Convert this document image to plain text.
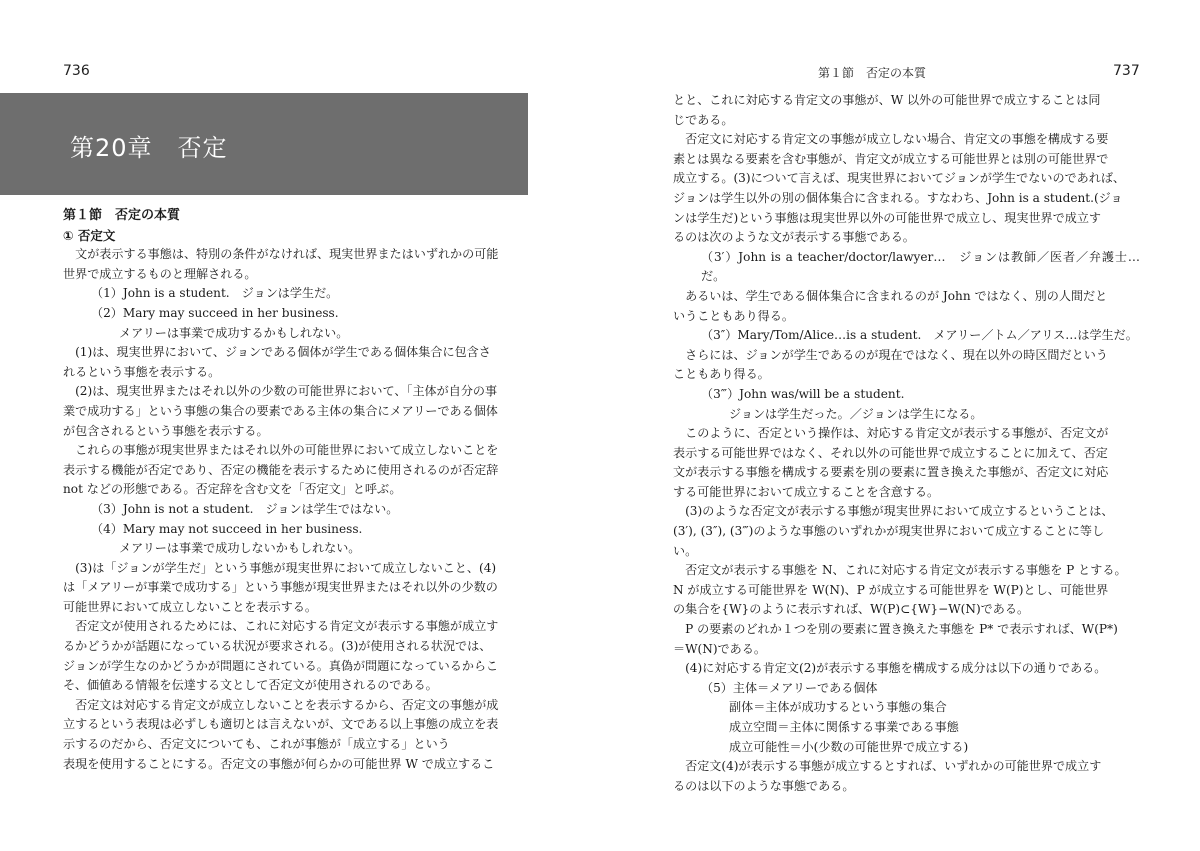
736	第１節　否定の本質	737
第20章　否定

第１節　否定の本質

① 否定文

文が表示する事態は、特別の条件がなければ、現実世界またはいずれかの可能

世界で成立するものと理解される。

（1）John is a student.　ジョンは学生だ。

（2）Mary may succeed in her business.

メアリーは事業で成功するかもしれない。

(1)は、現実世界において、ジョンである個体が学生である個体集合に包含さ

れるという事態を表示する。

(2)は、現実世界またはそれ以外の少数の可能世界において、「主体が自分の事

業で成功する」という事態の集合の要素である主体の集合にメアリーである個体

が包含されるという事態を表示する。

これらの事態が現実世界またはそれ以外の可能世界において成立しないことを

表示する機能が否定であり、否定の機能を表示するために使用されるのが否定辞

not などの形態である。否定辞を含む文を「否定文」と呼ぶ。

（3）John is not a student.　ジョンは学生ではない。

（4）Mary may not succeed in her business.

メアリーは事業で成功しないかもしれない。

(3)は「ジョンが学生だ」という事態が現実世界において成立しないこと、(4)

は「メアリーが事業で成功する」という事態が現実世界またはそれ以外の少数の

可能世界において成立しないことを表示する。

否定文が使用されるためには、これに対応する肯定文が表示する事態が成立す

るかどうかが話題になっている状況が要求される。(3)が使用される状況では、

ジョンが学生なのかどうかが問題にされている。真偽が問題になっているからこ

そ、価値ある情報を伝達する文として否定文が使用されるのである。

否定文は対応する肯定文が成立しないことを表示するから、否定文の事態が成

立するという表現は必ずしも適切とは言えないが、文である以上事態の成立を表

示するのだから、否定文についても、これが事態が「成立する」という

表現を使用することにする。否定文の事態が何らかの可能世界 W で成立するこ

とと、これに対応する肯定文の事態が、W 以外の可能世界で成立することは同

じである。

否定文に対応する肯定文の事態が成立しない場合、肯定文の事態を構成する要

素とは異なる要素を含む事態が、肯定文が成立する可能世界とは別の可能世界で

成立する。(3)について言えば、現実世界においてジョンが学生でないのであれば、

ジョンは学生以外の別の個体集合に含まれる。すなわち、John is a student.(ジョ

ンは学生だ)という事態は現実世界以外の可能世界で成立し、現実世界で成立す

るのは次のような文が表示する事態である。

（3′）John is a teacher/doctor/lawyer…　ジョンは教師／医者／弁護士…だ。

あるいは、学生である個体集合に含まれるのが John ではなく、別の人間だと

いうこともあり得る。

（3″）Mary/Tom/Alice…is a student.　メアリー／トム／アリス…は学生だ。

さらには、ジョンが学生であるのが現在ではなく、現在以外の時区間だという

こともあり得る。

（3‴）John was/will be a student.

ジョンは学生だった。／ジョンは学生になる。

このように、否定という操作は、対応する肯定文が表示する事態が、否定文が

表示する可能世界ではなく、それ以外の可能世界で成立することに加えて、否定

文が表示する事態を構成する要素を別の要素に置き換えた事態が、否定文に対応

する可能世界において成立することを含意する。

(3)のような否定文が表示する事態が現実世界において成立するということは、

(3′), (3″), (3‴)のような事態のいずれかが現実世界において成立することに等し

い。

否定文が表示する事態を N、これに対応する肯定文が表示する事態を P とする。

N が成立する可能世界を W(N)、P が成立する可能世界を W(P)とし、可能世界

の集合を{W}のように表示すれば、W(P)⊂{W}−W(N)である。

P の要素のどれか１つを別の要素に置き換えた事態を P* で表示すれば、W(P*)

＝W(N)である。

(4)に対応する肯定文(2)が表示する事態を構成する成分は以下の通りである。

（5）主体＝メアリーである個体

副体＝主体が成功するという事態の集合

成立空間＝主体に関係する事業である事態

成立可能性＝小(少数の可能世界で成立する)

否定文(4)が表示する事態が成立するとすれば、いずれかの可能世界で成立す

るのは以下のような事態である。
